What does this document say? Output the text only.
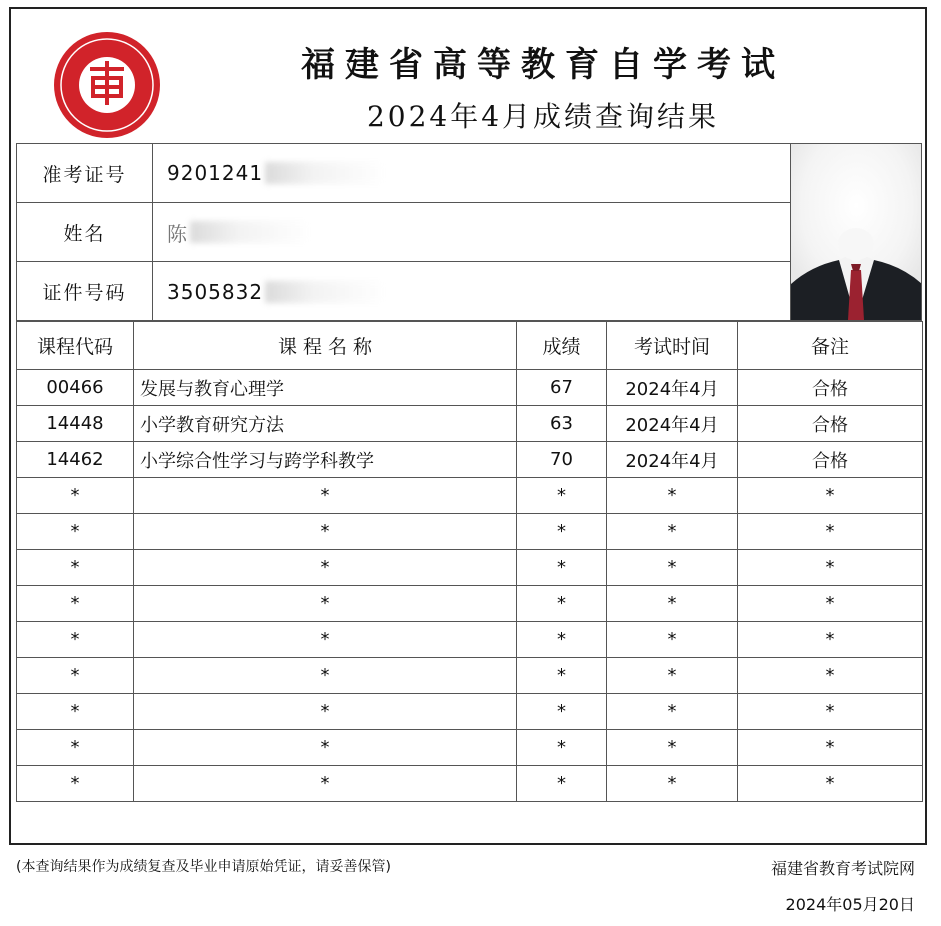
福建省高等教育自学考试
2024年4月成绩查询结果
准考证号	9201241
姓名	陈
证件号码	3505832
课程代码	课 程 名 称	成绩	考试时间	备注
00466	发展与教育心理学	67	2024年4月	合格
14448	小学教育研究方法	63	2024年4月	合格
14462	小学综合性学习与跨学科教学	70	2024年4月	合格
*	*	*	*	*
*	*	*	*	*
*	*	*	*	*
*	*	*	*	*
*	*	*	*	*
*	*	*	*	*
*	*	*	*	*
*	*	*	*	*
*	*	*	*	*
(本查询结果作为成绩复查及毕业申请原始凭证，请妥善保管)	福建省教育考试院网
2024年05月20日
